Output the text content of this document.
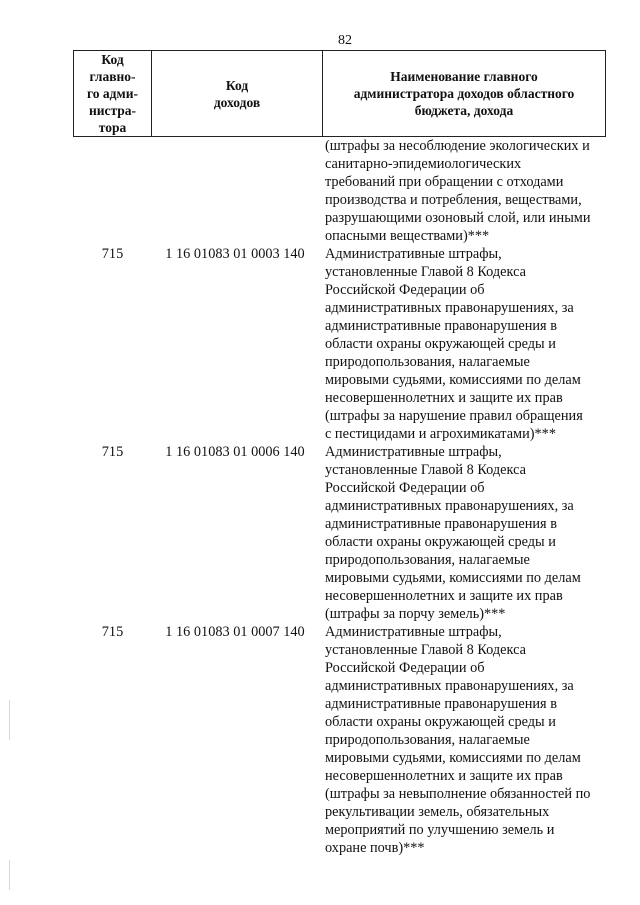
82
Код
главно-
го адми-
нистра-
тора	Код
доходов	Наименование главного
администратора доходов областного
бюджета, дохода
(штрафы за несоблюдение экологических и
санитарно-эпидемиологических
требований при обращении с отходами
производства и потребления, веществами,
разрушающими озоновый слой, или иными
опасными веществами)***
715	1 16 01083 01 0003 140	Административные штрафы,
установленные Главой 8 Кодекса
Российской Федерации об
административных правонарушениях, за
административные правонарушения в
области охраны окружающей среды и
природопользования, налагаемые
мировыми судьями, комиссиями по делам
несовершеннолетних и защите их прав
(штрафы за нарушение правил обращения
с пестицидами и агрохимикатами)***
715	1 16 01083 01 0006 140	Административные штрафы,
установленные Главой 8 Кодекса
Российской Федерации об
административных правонарушениях, за
административные правонарушения в
области охраны окружающей среды и
природопользования, налагаемые
мировыми судьями, комиссиями по делам
несовершеннолетних и защите их прав
(штрафы за порчу земель)***
715	1 16 01083 01 0007 140	Административные штрафы,
установленные Главой 8 Кодекса
Российской Федерации об
административных правонарушениях, за
административные правонарушения в
области охраны окружающей среды и
природопользования, налагаемые
мировыми судьями, комиссиями по делам
несовершеннолетних и защите их прав
(штрафы за невыполнение обязанностей по
рекультивации земель, обязательных
мероприятий по улучшению земель и
охране почв)***
